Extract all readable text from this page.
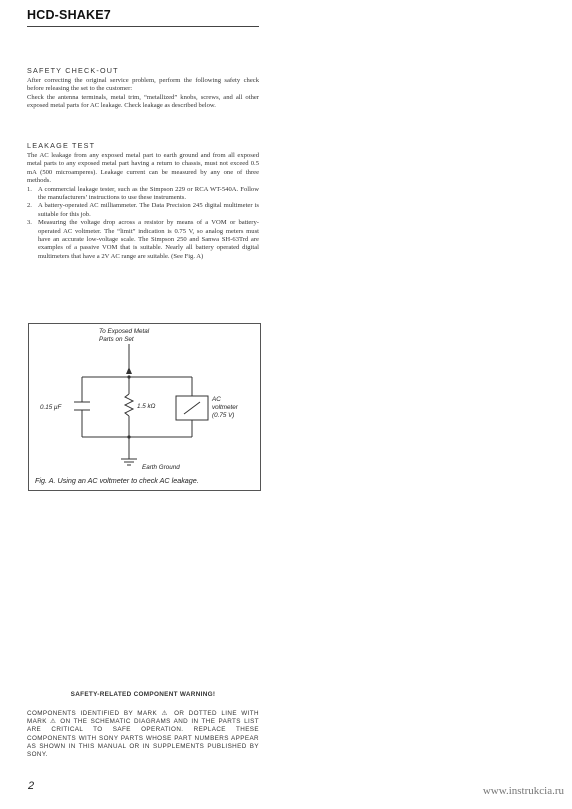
HCD-SHAKE7

SAFETY CHECK-OUT

After correcting the original service problem, perform the following safety check before releasing the set to the customer:

Check the antenna terminals, metal trim, “metallized” knobs, screws, and all other exposed metal parts for AC leakage. Check leakage as described below.

LEAKAGE TEST

The AC leakage from any exposed metal part to earth ground and from all exposed metal parts to any exposed metal part having a return to chassis, must not exceed 0.5 mA (500 microamperes). Leakage current can be measured by any one of three methods.

1. A commercial leakage tester, such as the Simpson 229 or RCA WT-540A. Follow the manufacturers’ instructions to use these instruments.
2. A battery-operated AC milliammeter. The Data Precision 245 digital multimeter is suitable for this job.
3. Measuring the voltage drop across a resistor by means of a VOM or battery-operated AC voltmeter. The “limit” indication is 0.75 V, so analog meters must have an accurate low-voltage scale. The Simpson 250 and Sanwa SH-63Trd are examples of a passive VOM that is suitable. Nearly all battery operated digital multimeters that have a 2V AC range are suitable. (See Fig. A)
To Exposed Metal
Parts on Set
0.15 μF	1.5 kΩ
AC
voltmeter
(0.75 V)
Earth Ground
Fig. A. Using an AC voltmeter to check AC leakage.
SAFETY-RELATED COMPONENT WARNING!
COMPONENTS IDENTIFIED BY MARK ⚠ OR DOTTED LINE WITH MARK ⚠ ON THE SCHEMATIC DIAGRAMS AND IN THE PARTS LIST ARE CRITICAL TO SAFE OPERATION. REPLACE THESE COMPONENTS WITH SONY PARTS WHOSE PART NUMBERS APPEAR AS SHOWN IN THIS MANUAL OR IN SUPPLEMENTS PUBLISHED BY SONY.
2	www.instrukcia.ru
